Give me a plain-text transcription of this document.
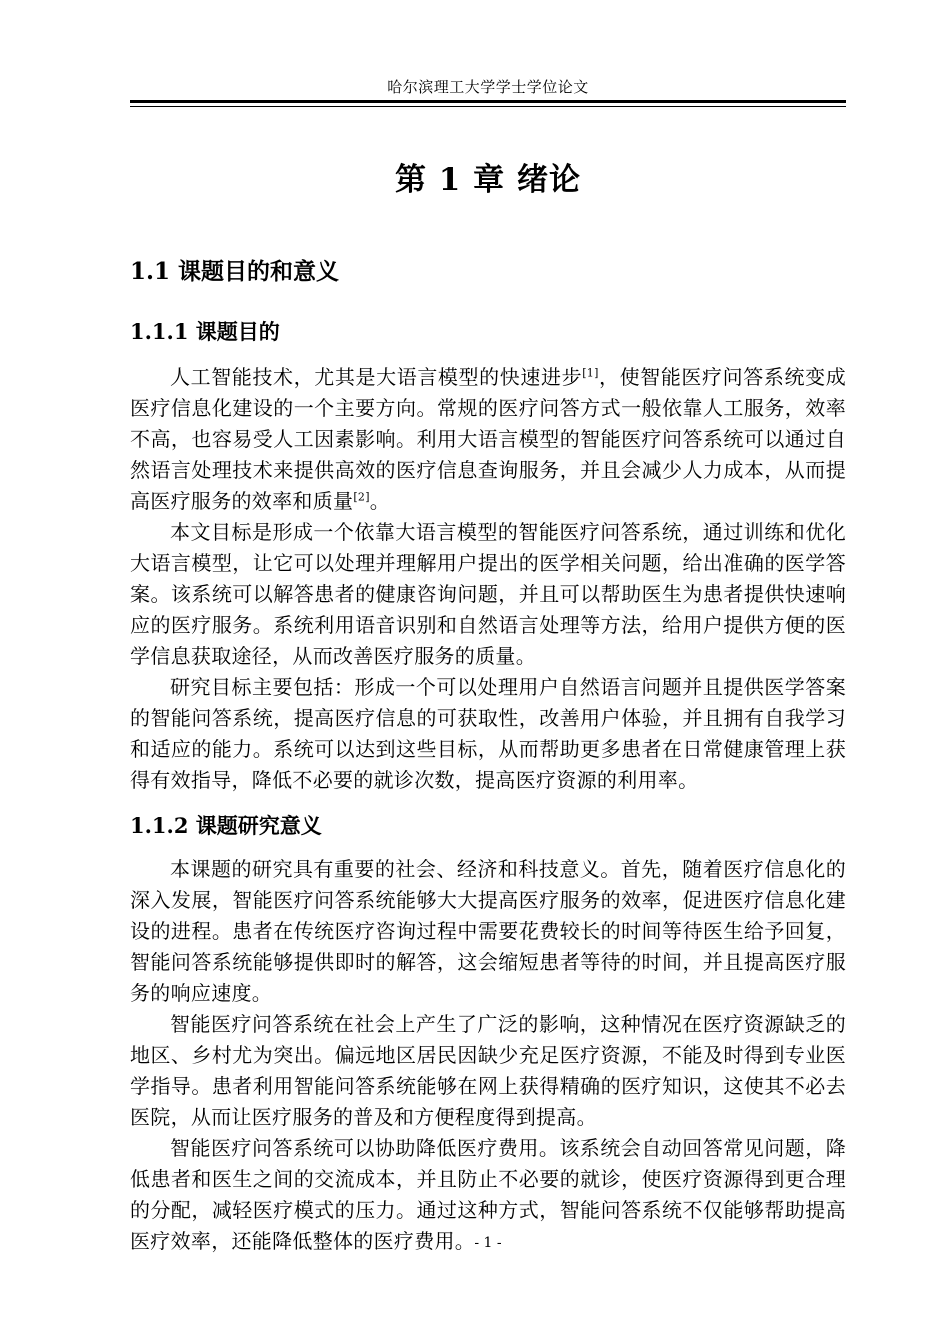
哈尔滨理工大学学士学位论文
第 1 章 绪论
1.1 课题目的和意义
1.1.1 课题目的

人工智能技术，尤其是大语言模型的快速进步[1]，使智能医疗问答系统变成医疗信息化建设的一个主要方向。常规的医疗问答方式一般依靠人工服务，效率不高，也容易受人工因素影响。利用大语言模型的智能医疗问答系统可以通过自然语言处理技术来提供高效的医疗信息查询服务，并且会减少人力成本，从而提高医疗服务的效率和质量[2]。

本文目标是形成一个依靠大语言模型的智能医疗问答系统，通过训练和优化大语言模型，让它可以处理并理解用户提出的医学相关问题，给出准确的医学答案。该系统可以解答患者的健康咨询问题，并且可以帮助医生为患者提供快速响应的医疗服务。系统利用语音识别和自然语言处理等方法，给用户提供方便的医学信息获取途径，从而改善医疗服务的质量。

研究目标主要包括：形成一个可以处理用户自然语言问题并且提供医学答案的智能问答系统，提高医疗信息的可获取性，改善用户体验，并且拥有自我学习和适应的能力。系统可以达到这些目标，从而帮助更多患者在日常健康管理上获得有效指导，降低不必要的就诊次数，提高医疗资源的利用率。

1.1.2 课题研究意义

本课题的研究具有重要的社会、经济和科技意义。首先，随着医疗信息化的深入发展，智能医疗问答系统能够大大提高医疗服务的效率，促进医疗信息化建设的进程。患者在传统医疗咨询过程中需要花费较长的时间等待医生给予回复，智能问答系统能够提供即时的解答，这会缩短患者等待的时间，并且提高医疗服务的响应速度。

智能医疗问答系统在社会上产生了广泛的影响，这种情况在医疗资源缺乏的地区、乡村尤为突出。偏远地区居民因缺少充足医疗资源，不能及时得到专业医学指导。患者利用智能问答系统能够在网上获得精确的医疗知识，这使其不必去医院，从而让医疗服务的普及和方便程度得到提高。

智能医疗问答系统可以协助降低医疗费用。该系统会自动回答常见问题，降低患者和医生之间的交流成本，并且防止不必要的就诊，使医疗资源得到更合理的分配，减轻医疗模式的压力。通过这种方式，智能问答系统不仅能够帮助提高医疗效率，还能降低整体的医疗费用。 - 1 -
